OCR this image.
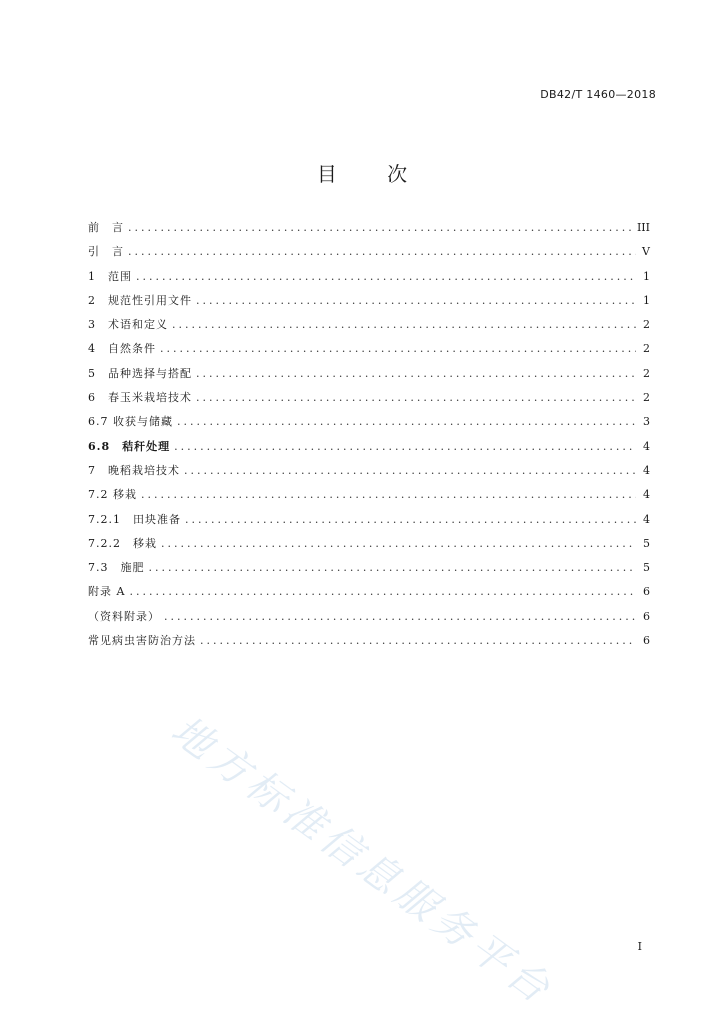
DB42/T 1460—2018
目 次
前　言 .....	III
引　言 .....	V
1　范围 .....	1
2　规范性引用文件 .....	1
3　术语和定义 .....	2
4　自然条件 .....	2
5　品种选择与搭配 .....	2
6　春玉米栽培技术 .....	2
6.7 收获与储藏 .....	3
6.8　秸秆处理 .....	4
7　晚稻栽培技术 .....	4
7.2 移栽 .....	4
7.2.1　田块准备 .....	4
7.2.2　移栽 .....	5
7.3　施肥 .....	5
附录 A .....	6
（资料附录） .....	6
常见病虫害防治方法 .....	6
地方标准信息服务平台	I
